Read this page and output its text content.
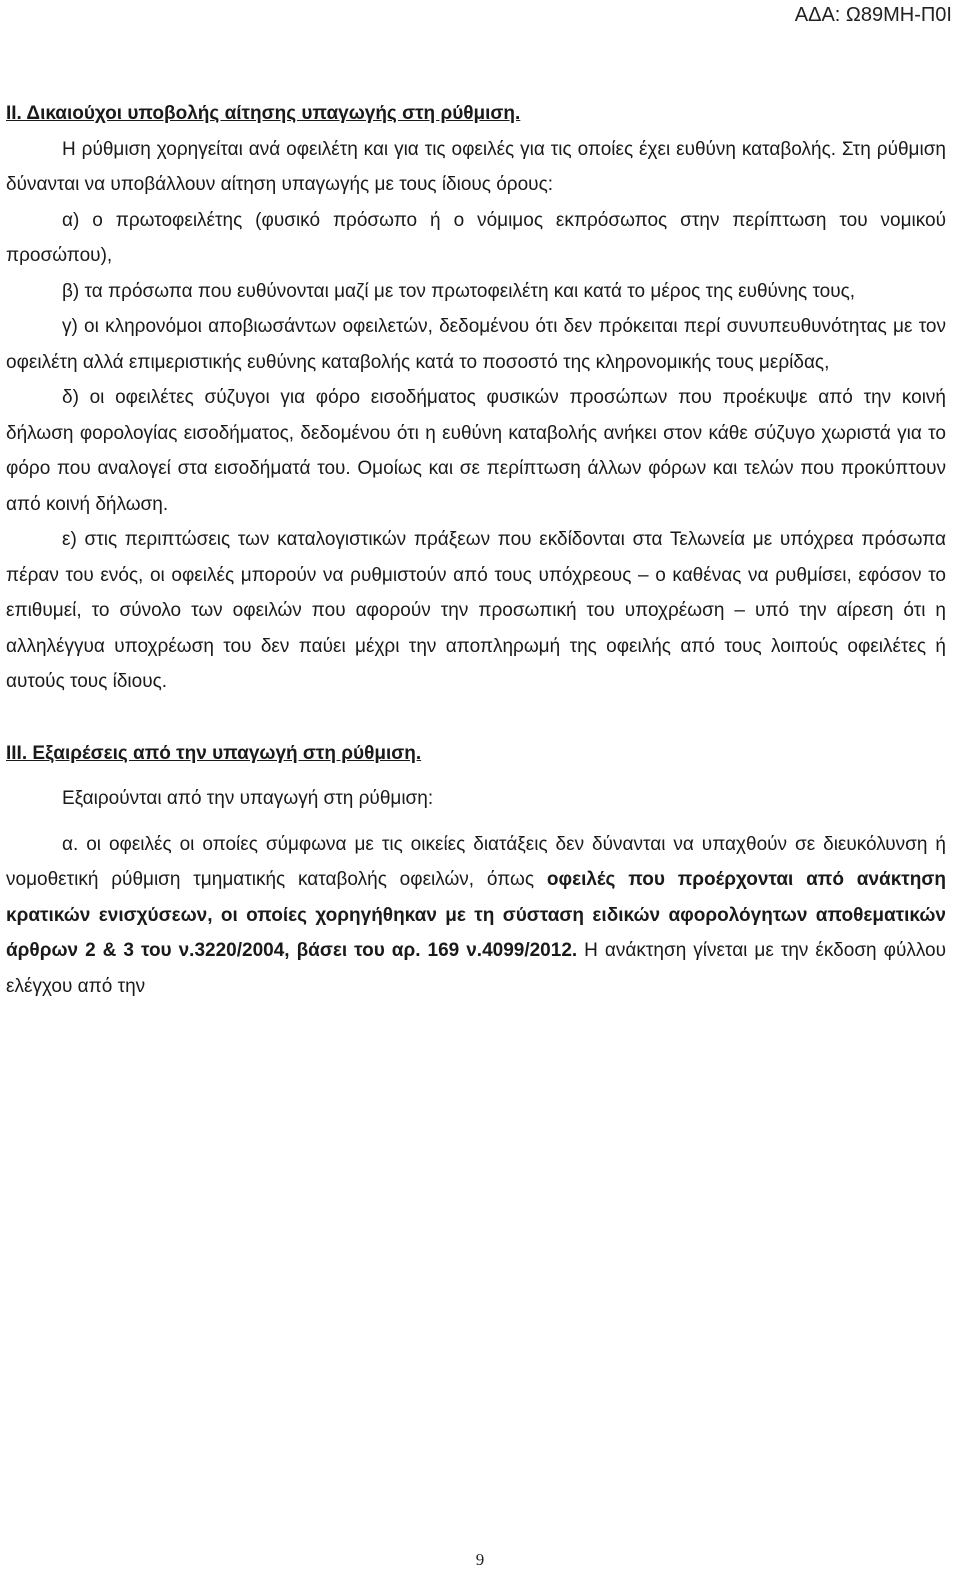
ΑΔΑ: Ω89ΜΗ-Π0Ι

ΙΙ. Δικαιούχοι υποβολής αίτησης υπαγωγής στη ρύθμιση.

Η ρύθμιση χορηγείται ανά οφειλέτη και για τις οφειλές για τις οποίες έχει ευθύνη καταβολής. Στη ρύθμιση δύνανται να υποβάλλουν αίτηση υπαγωγής με τους ίδιους όρους:

α) ο πρωτοφειλέτης (φυσικό πρόσωπο ή ο νόμιμος εκπρόσωπος στην περίπτωση του νομικού προσώπου),

β) τα πρόσωπα που ευθύνονται μαζί με τον πρωτοφειλέτη και κατά το μέρος της ευθύνης τους,

γ) οι κληρονόμοι αποβιωσάντων οφειλετών, δεδομένου ότι δεν πρόκειται περί συνυπευθυνότητας με τον οφειλέτη αλλά επιμεριστικής ευθύνης καταβολής κατά το ποσοστό της κληρονομικής τους μερίδας,

δ) οι οφειλέτες σύζυγοι για φόρο εισοδήματος φυσικών προσώπων που προέκυψε από την κοινή δήλωση φορολογίας εισοδήματος, δεδομένου ότι η ευθύνη καταβολής ανήκει στον κάθε σύζυγο χωριστά για το φόρο που αναλογεί στα εισοδήματά του. Ομοίως και σε περίπτωση άλλων φόρων και τελών που προκύπτουν από κοινή δήλωση.

ε) στις περιπτώσεις των καταλογιστικών πράξεων που εκδίδονται στα Τελωνεία με υπόχρεα πρόσωπα πέραν του ενός, οι οφειλές μπορούν να ρυθμιστούν από τους υπόχρεους – ο καθένας να ρυθμίσει, εφόσον το επιθυμεί, το σύνολο των οφειλών που αφορούν την προσωπική του υποχρέωση – υπό την αίρεση ότι η αλληλέγγυα υποχρέωση του δεν παύει μέχρι την αποπληρωμή της οφειλής από τους λοιπούς οφειλέτες ή αυτούς τους ίδιους.

ΙΙΙ. Εξαιρέσεις από την υπαγωγή στη ρύθμιση.

Εξαιρούνται από την υπαγωγή στη ρύθμιση:

α. οι οφειλές οι οποίες σύμφωνα με τις οικείες διατάξεις δεν δύνανται να υπαχθούν σε διευκόλυνση ή νομοθετική ρύθμιση τμηματικής καταβολής οφειλών, όπως οφειλές που προέρχονται από ανάκτηση κρατικών ενισχύσεων, οι οποίες χορηγήθηκαν με τη σύσταση ειδικών αφορολόγητων αποθεματικών άρθρων 2 & 3 του ν.3220/2004, βάσει του αρ. 169 ν.4099/2012. Η ανάκτηση γίνεται με την έκδοση φύλλου ελέγχου από την

9
